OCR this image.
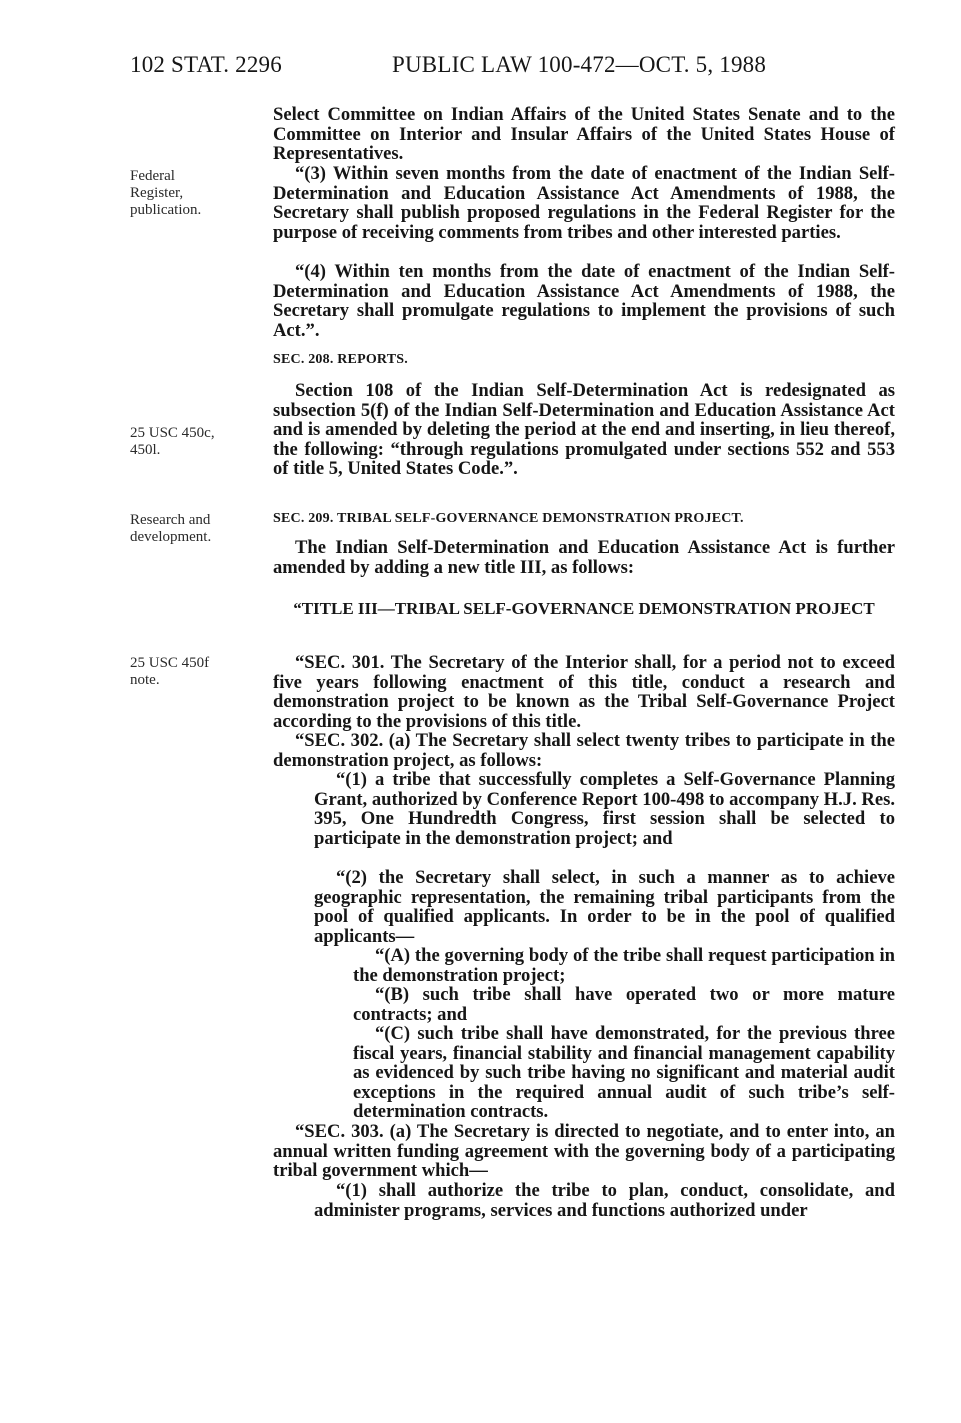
102 STAT. 2296	PUBLIC LAW 100-472—OCT. 5, 1988
Federal Register, publication.
25 USC 450c, 450l.
Research and development.
25 USC 450f note.

Select Committee on Indian Affairs of the United States Senate and to the Committee on Interior and Insular Affairs of the United States House of Representatives.

“(3) Within seven months from the date of enactment of the Indian Self-Determination and Education Assistance Act Amendments of 1988, the Secretary shall publish proposed regulations in the Federal Register for the purpose of receiving comments from tribes and other interested parties.

“(4) Within ten months from the date of enactment of the Indian Self-Determination and Education Assistance Act Amendments of 1988, the Secretary shall promulgate regulations to implement the provisions of such Act.”.

SEC. 208. REPORTS.

Section 108 of the Indian Self-Determination Act is redesignated as subsection 5(f) of the Indian Self-Determination and Education Assistance Act and is amended by deleting the period at the end and inserting, in lieu thereof, the following: “through regulations promulgated under sections 552 and 553 of title 5, United States Code.”.

SEC. 209. TRIBAL SELF-GOVERNANCE DEMONSTRATION PROJECT.

The Indian Self-Determination and Education Assistance Act is further amended by adding a new title III, as follows:

“TITLE III—TRIBAL SELF-GOVERNANCE DEMONSTRATION PROJECT

“SEC. 301. The Secretary of the Interior shall, for a period not to exceed five years following enactment of this title, conduct a research and demonstration project to be known as the Tribal Self-Governance Project according to the provisions of this title.

“SEC. 302. (a) The Secretary shall select twenty tribes to participate in the demonstration project, as follows:

“(1) a tribe that successfully completes a Self-Governance Planning Grant, authorized by Conference Report 100-498 to accompany H.J. Res. 395, One Hundredth Congress, first session shall be selected to participate in the demonstration project; and

“(2) the Secretary shall select, in such a manner as to achieve geographic representation, the remaining tribal participants from the pool of qualified applicants. In order to be in the pool of qualified applicants—

“(A) the governing body of the tribe shall request participation in the demonstration project;

“(B) such tribe shall have operated two or more mature contracts; and

“(C) such tribe shall have demonstrated, for the previous three fiscal years, financial stability and financial management capability as evidenced by such tribe having no significant and material audit exceptions in the required annual audit of such tribe’s self-determination contracts.

“SEC. 303. (a) The Secretary is directed to negotiate, and to enter into, an annual written funding agreement with the governing body of a participating tribal government which—

“(1) shall authorize the tribe to plan, conduct, consolidate, and administer programs, services and functions authorized under
